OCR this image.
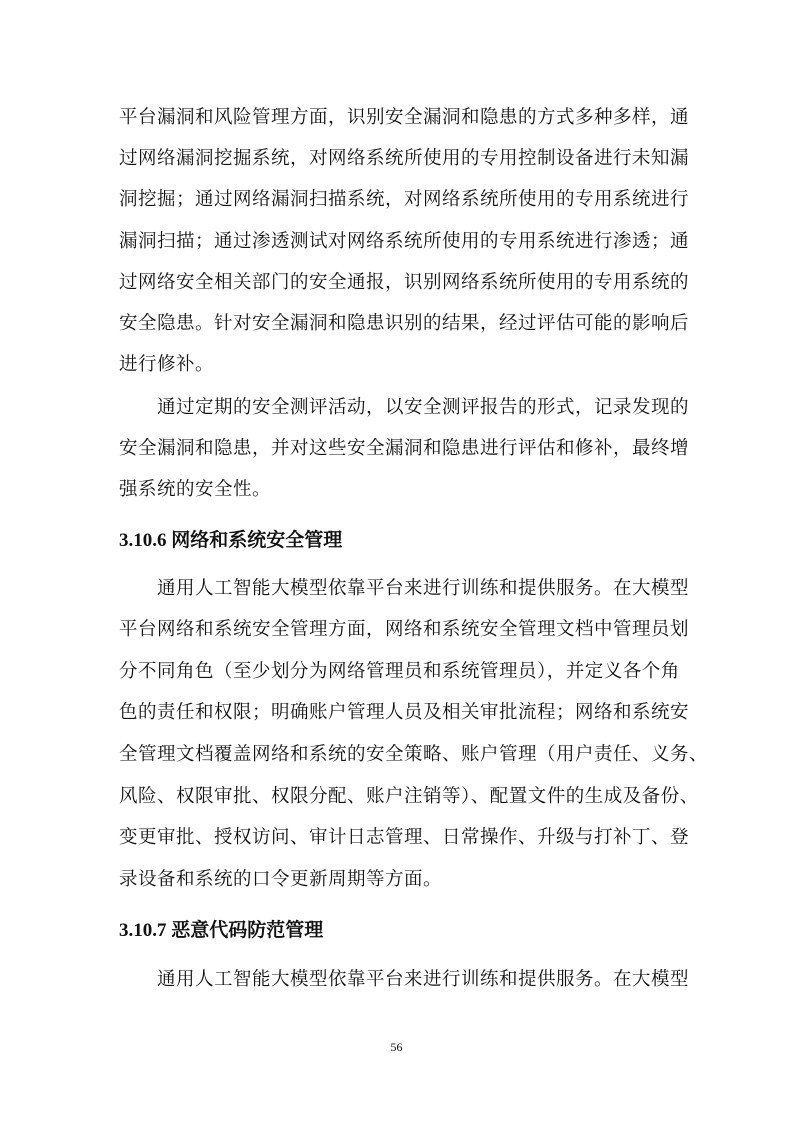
平台漏洞和风险管理方面，识别安全漏洞和隐患的方式多种多样，通
过网络漏洞挖掘系统，对网络系统所使用的专用控制设备进行未知漏
洞挖掘；通过网络漏洞扫描系统，对网络系统所使用的专用系统进行
漏洞扫描；通过渗透测试对网络系统所使用的专用系统进行渗透；通
过网络安全相关部门的安全通报，识别网络系统所使用的专用系统的
安全隐患。针对安全漏洞和隐患识别的结果，经过评估可能的影响后
进行修补。
通过定期的安全测评活动，以安全测评报告的形式，记录发现的
安全漏洞和隐患，并对这些安全漏洞和隐患进行评估和修补，最终增
强系统的安全性。
3.10.6 网络和系统安全管理
通用人工智能大模型依靠平台来进行训练和提供服务。在大模型
平台网络和系统安全管理方面，网络和系统安全管理文档中管理员划
分不同角色（至少划分为网络管理员和系统管理员），并定义各个角
色的责任和权限；明确账户管理人员及相关审批流程；网络和系统安
全管理文档覆盖网络和系统的安全策略、账户管理（用户责任、义务、
风险、权限审批、权限分配、账户注销等）、配置文件的生成及备份、
变更审批、授权访问、审计日志管理、日常操作、升级与打补丁、登
录设备和系统的口令更新周期等方面。
3.10.7 恶意代码防范管理
通用人工智能大模型依靠平台来进行训练和提供服务。在大模型
56
